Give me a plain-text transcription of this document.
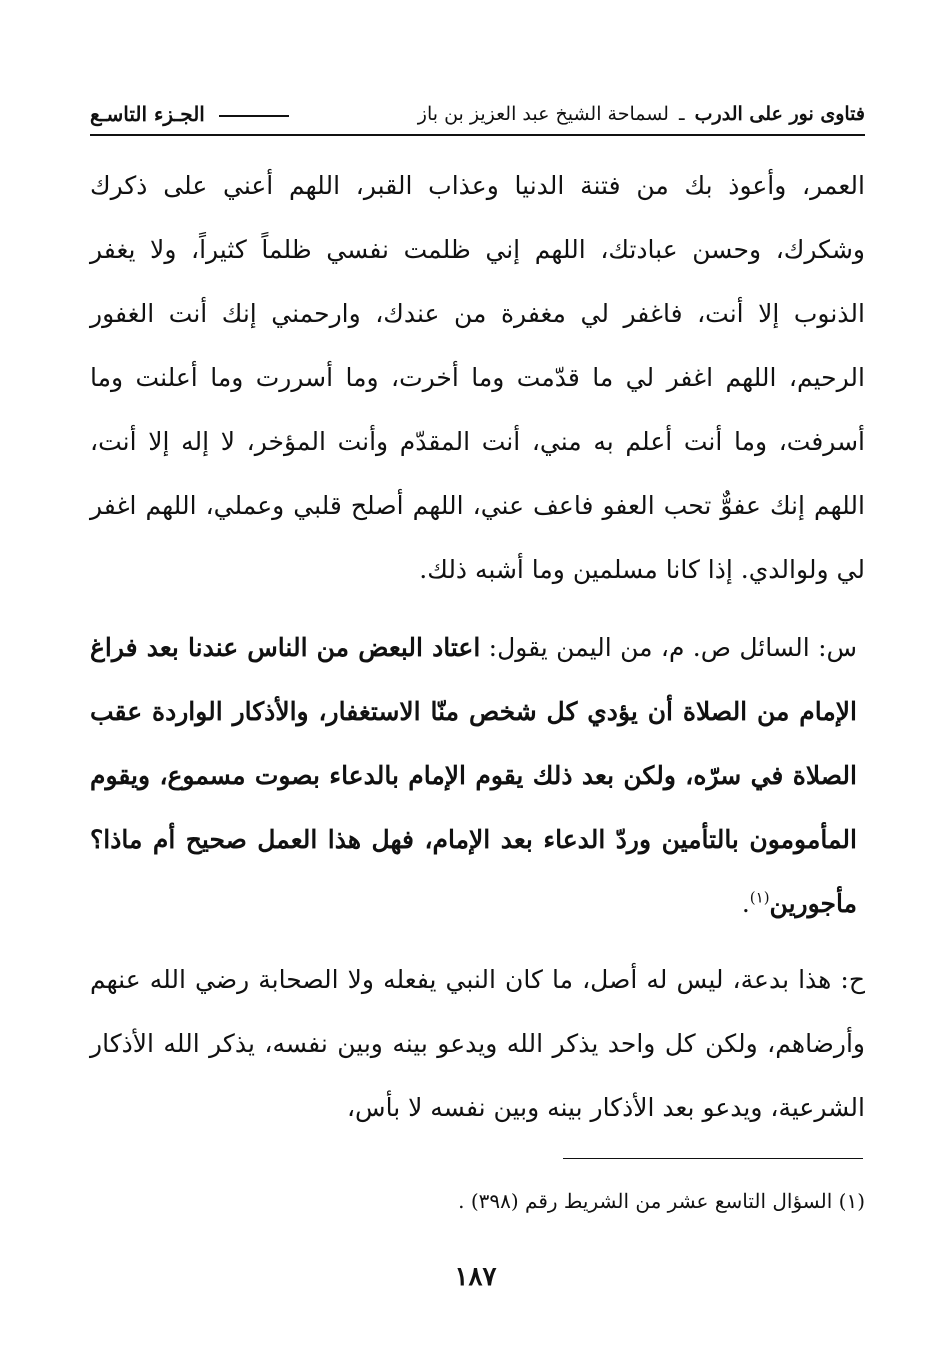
فتاوى نور على الدرب ـ لسماحة الشيخ عبد العزيز بن باز
الجـزء التاسـع

العمر، وأعوذ بك من فتنة الدنيا وعذاب القبر، اللهم أعني على ذكرك وشكرك، وحسن عبادتك، اللهم إني ظلمت نفسي ظلماً كثيراً، ولا يغفر الذنوب إلا أنت، فاغفر لي مغفرة من عندك، وارحمني إنك أنت الغفور الرحيم، اللهم اغفر لي ما قدّمت وما أخرت، وما أسررت وما أعلنت وما أسرفت، وما أنت أعلم به مني، أنت المقدّم وأنت المؤخر، لا إله إلا أنت، اللهم إنك عفوٌّ تحب العفو فاعف عني، اللهم أصلح قلبي وعملي، اللهم اغفر لي ولوالدي. إذا كانا مسلمين وما أشبه ذلك.

س: السائل ص. م، من اليمن يقول: اعتاد البعض من الناس عندنا بعد فراغ الإمام من الصلاة أن يؤدي كل شخص منّا الاستغفار، والأذكار الواردة عقب الصلاة في سرّه، ولكن بعد ذلك يقوم الإمام بالدعاء بصوت مسموع، ويقوم المأمومون بالتأمين وردّ الدعاء بعد الإمام، فهل هذا العمل صحيح أم ماذا؟ مأجورين$^{(١)}$.

ح: هذا بدعة، ليس له أصل، ما كان النبي يفعله ولا الصحابة رضي الله عنهم وأرضاهم، ولكن كل واحد يذكر الله ويدعو بينه وبين نفسه، يذكر الله الأذكار الشرعية، ويدعو بعد الأذكار بينه وبين نفسه لا بأس،

(١) السؤال التاسع عشر من الشريط رقم (٣٩٨) .
١٨٧
